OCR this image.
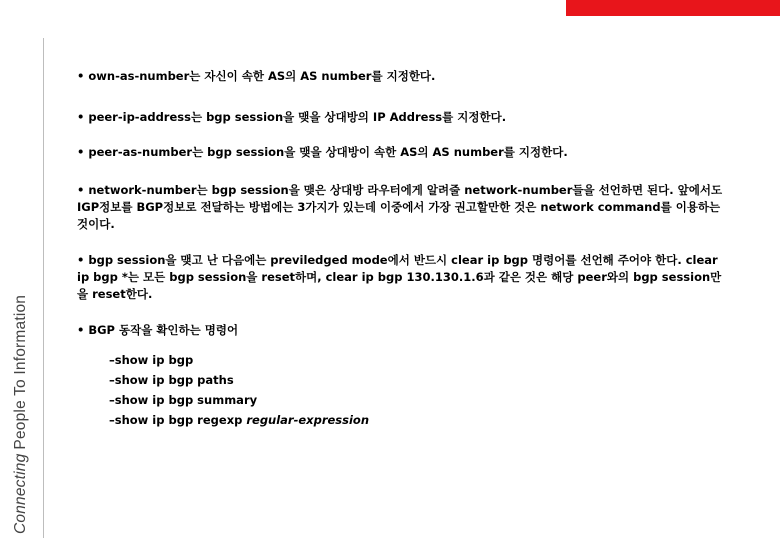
ConnectingPeople To Information
• own-as-number는 자신이 속한 AS의 AS number를 지정한다.
• peer-ip-address는 bgp session을 맺을 상대방의 IP Address를 지정한다.
• peer-as-number는 bgp session을 맺을 상대방이 속한 AS의 AS number를 지정한다.
• network-number는 bgp session을 맺은 상대방 라우터에게 알려줄 network-number들을 선언하면 된다. 앞에서도 IGP정보를 BGP정보로 전달하는 방법에는 3가지가 있는데 이중에서 가장 권고할만한 것은 network command를 이용하는 것이다.
• bgp session을 맺고 난 다음에는 previledged mode에서 반드시 clear ip bgp 명령어를 선언해 주어야 한다. clear ip bgp *는 모든 bgp session을 reset하며, clear ip bgp 130.130.1.6과 같은 것은 해당 peer와의 bgp session만을 reset한다.
• BGP 동작을 확인하는 명령어
–show ip bgp
–show ip bgp paths
–show ip bgp summary
–show ip bgp regexp regular-expression
